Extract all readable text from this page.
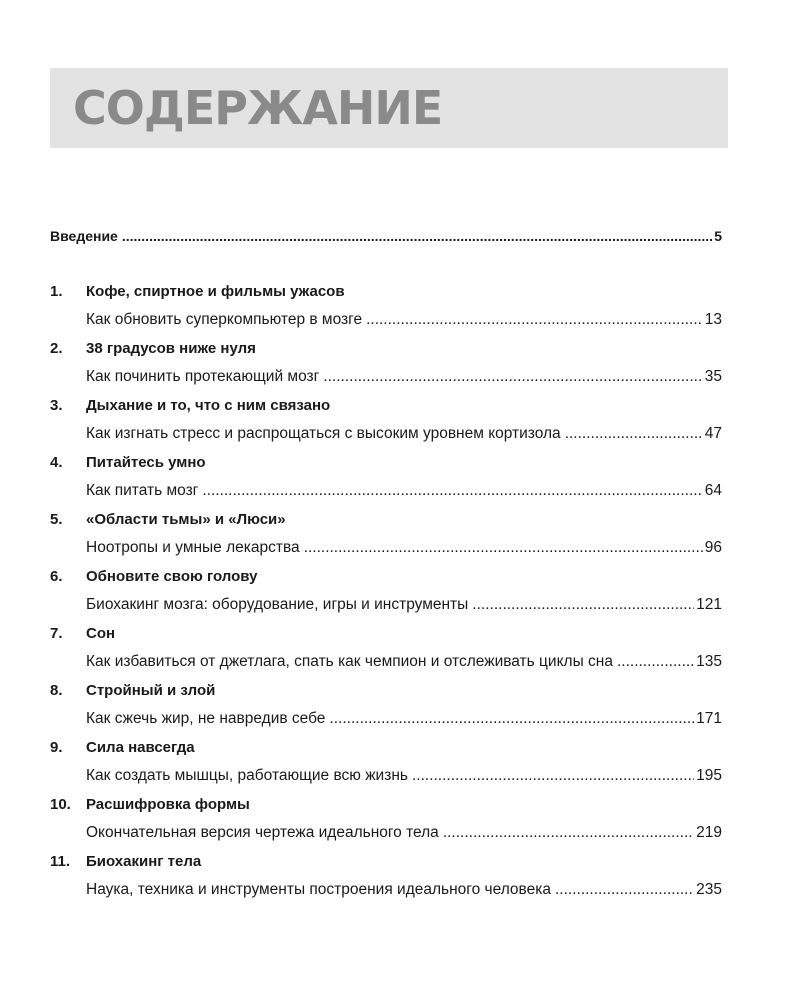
СОДЕРЖАНИЕ
Введение .....	5
1.	Кофе, спиртное и фильмы ужасов
Как обновить суперкомпьютер в мозге .....	13
2.	38 градусов ниже нуля
Как починить протекающий мозг .....	35
3.	Дыхание и то, что с ним связано
Как изгнать стресс и распрощаться с высоким уровнем кортизола .....	47
4.	Питайтесь умно
Как питать мозг .....	64
5.	«Области тьмы» и «Люси»
Ноотропы и умные лекарства .....	96
6.	Обновите свою голову
Биохакинг мозга: оборудование, игры и инструменты .....	121
7.	Сон
Как избавиться от джетлага, спать как чемпион и отслеживать циклы сна .....	135
8.	Стройный и злой
Как сжечь жир, не навредив себе .....	171
9.	Сила навсегда
Как создать мышцы, работающие всю жизнь .....	195
10.	Расшифровка формы
Окончательная версия чертежа идеального тела .....	219
11.	Биохакинг тела
Наука, техника и инструменты построения идеального человека .....	235
